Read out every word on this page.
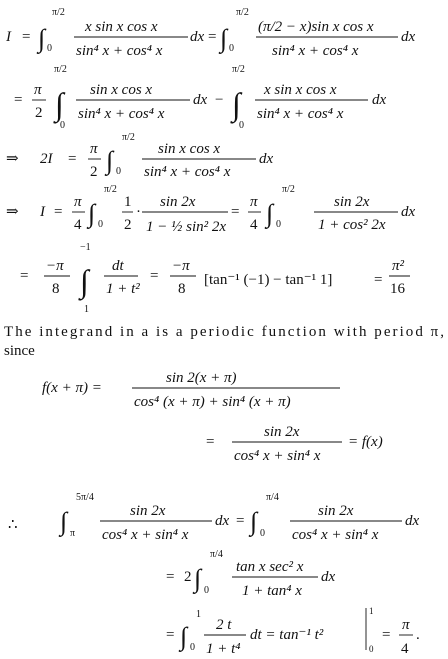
I = ∫
π/2
0
x sin x cos x
sin⁴ x + cos⁴ x
dx = ∫
π/2
0
(π/2 − x)sin x cos x
sin⁴ x + cos⁴ x
dx
=
π
2
π/2
∫
0
sin x cos x
sin⁴ x + cos⁴ x
dx −
π/2
∫
0
x sin x cos x
sin⁴ x + cos⁴ x
dx
⇒ 2I =
π
2 ∫
π/2
0
sin x cos x
sin⁴ x + cos⁴ x
dx
⇒ I =
π
4 ∫
π/2
0
1
2
·
sin 2x
1 − ½ sin² 2x
=
π
4 ∫
π/2
0
sin 2x
1 + cos² 2x
dx
=
−π
8
−1
∫
1
dt
1 + t²
=
−π
8
[tan⁻¹ (−1) − tan⁻¹ 1]	=
π²
16
The integrand in a is a periodic function with period π,
since
f(x + π) =
sin 2(x + π)
cos⁴ (x + π) + sin⁴ (x + π)
=
sin 2x
cos⁴ x + sin⁴ x
= f(x)
∴ ∫
5π/4
π
sin 2x
cos⁴ x + sin⁴ x
dx = ∫
π/4
0
sin 2x
cos⁴ x + sin⁴ x
dx
= 2 ∫
π/4
0
tan x sec² x
1 + tan⁴ x
dx
= ∫
1
0
2 t
1 + t⁴
dt = tan⁻¹ t²
1
0
=
π
4
.
